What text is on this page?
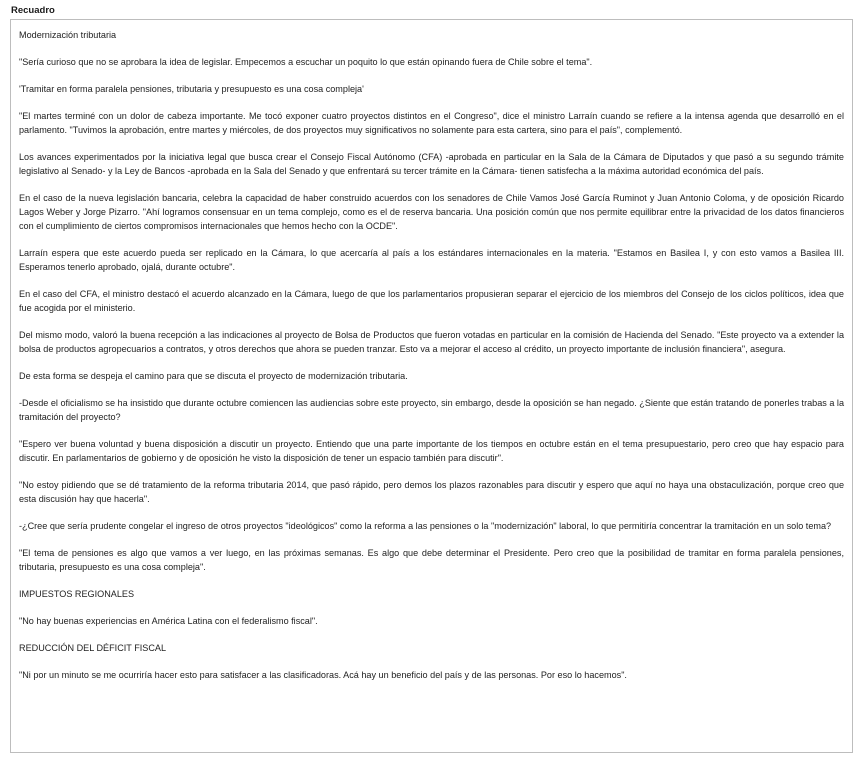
Recuadro

Modernización tributaria

"Sería curioso que no se aprobara la idea de legislar. Empecemos a escuchar un poquito lo que están opinando fuera de Chile sobre el tema".

'Tramitar en forma paralela pensiones, tributaria y presupuesto es una cosa compleja'

"El martes terminé con un dolor de cabeza importante. Me tocó exponer cuatro proyectos distintos en el Congreso", dice el ministro Larraín cuando se refiere a la intensa agenda que desarrolló en el parlamento. "Tuvimos la aprobación, entre martes y miércoles, de dos proyectos muy significativos no solamente para esta cartera, sino para el país", complementó.

Los avances experimentados por la iniciativa legal que busca crear el Consejo Fiscal Autónomo (CFA) -aprobada en particular en la Sala de la Cámara de Diputados y que pasó a su segundo trámite legislativo al Senado- y la Ley de Bancos -aprobada en la Sala del Senado y que enfrentará su tercer trámite en la Cámara- tienen satisfecha a la máxima autoridad económica del país.

En el caso de la nueva legislación bancaria, celebra la capacidad de haber construido acuerdos con los senadores de Chile Vamos José García Ruminot y Juan Antonio Coloma, y de oposición Ricardo Lagos Weber y Jorge Pizarro. "Ahí logramos consensuar en un tema complejo, como es el de reserva bancaria. Una posición común que nos permite equilibrar entre la privacidad de los datos financieros con el cumplimiento de ciertos compromisos internacionales que hemos hecho con la OCDE".

Larraín espera que este acuerdo pueda ser replicado en la Cámara, lo que acercaría al país a los estándares internacionales en la materia. "Estamos en Basilea I, y con esto vamos a Basilea III. Esperamos tenerlo aprobado, ojalá, durante octubre".

En el caso del CFA, el ministro destacó el acuerdo alcanzado en la Cámara, luego de que los parlamentarios propusieran separar el ejercicio de los miembros del Consejo de los ciclos políticos, idea que fue acogida por el ministerio.

Del mismo modo, valoró la buena recepción a las indicaciones al proyecto de Bolsa de Productos que fueron votadas en particular en la comisión de Hacienda del Senado. "Este proyecto va a extender la bolsa de productos agropecuarios a contratos, y otros derechos que ahora se pueden tranzar. Esto va a mejorar el acceso al crédito, un proyecto importante de inclusión financiera", asegura.

De esta forma se despeja el camino para que se discuta el proyecto de modernización tributaria.

-Desde el oficialismo se ha insistido que durante octubre comiencen las audiencias sobre este proyecto, sin embargo, desde la oposición se han negado. ¿Siente que están tratando de ponerles trabas a la tramitación del proyecto?

"Espero ver buena voluntad y buena disposición a discutir un proyecto. Entiendo que una parte importante de los tiempos en octubre están en el tema presupuestario, pero creo que hay espacio para discutir. En parlamentarios de gobierno y de oposición he visto la disposición de tener un espacio también para discutir".

"No estoy pidiendo que se dé tratamiento de la reforma tributaria 2014, que pasó rápido, pero demos los plazos razonables para discutir y espero que aquí no haya una obstaculización, porque creo que esta discusión hay que hacerla".

-¿Cree que sería prudente congelar el ingreso de otros proyectos "ideológicos" como la reforma a las pensiones o la "modernización" laboral, lo que permitiría concentrar la tramitación en un solo tema?

"El tema de pensiones es algo que vamos a ver luego, en las próximas semanas. Es algo que debe determinar el Presidente. Pero creo que la posibilidad de tramitar en forma paralela pensiones, tributaria, presupuesto es una cosa compleja".

IMPUESTOS REGIONALES

"No hay buenas experiencias en América Latina con el federalismo fiscal".

REDUCCIÓN DEL DÉFICIT FISCAL

"Ni por un minuto se me ocurriría hacer esto para satisfacer a las clasificadoras. Acá hay un beneficio del país y de las personas. Por eso lo hacemos".
